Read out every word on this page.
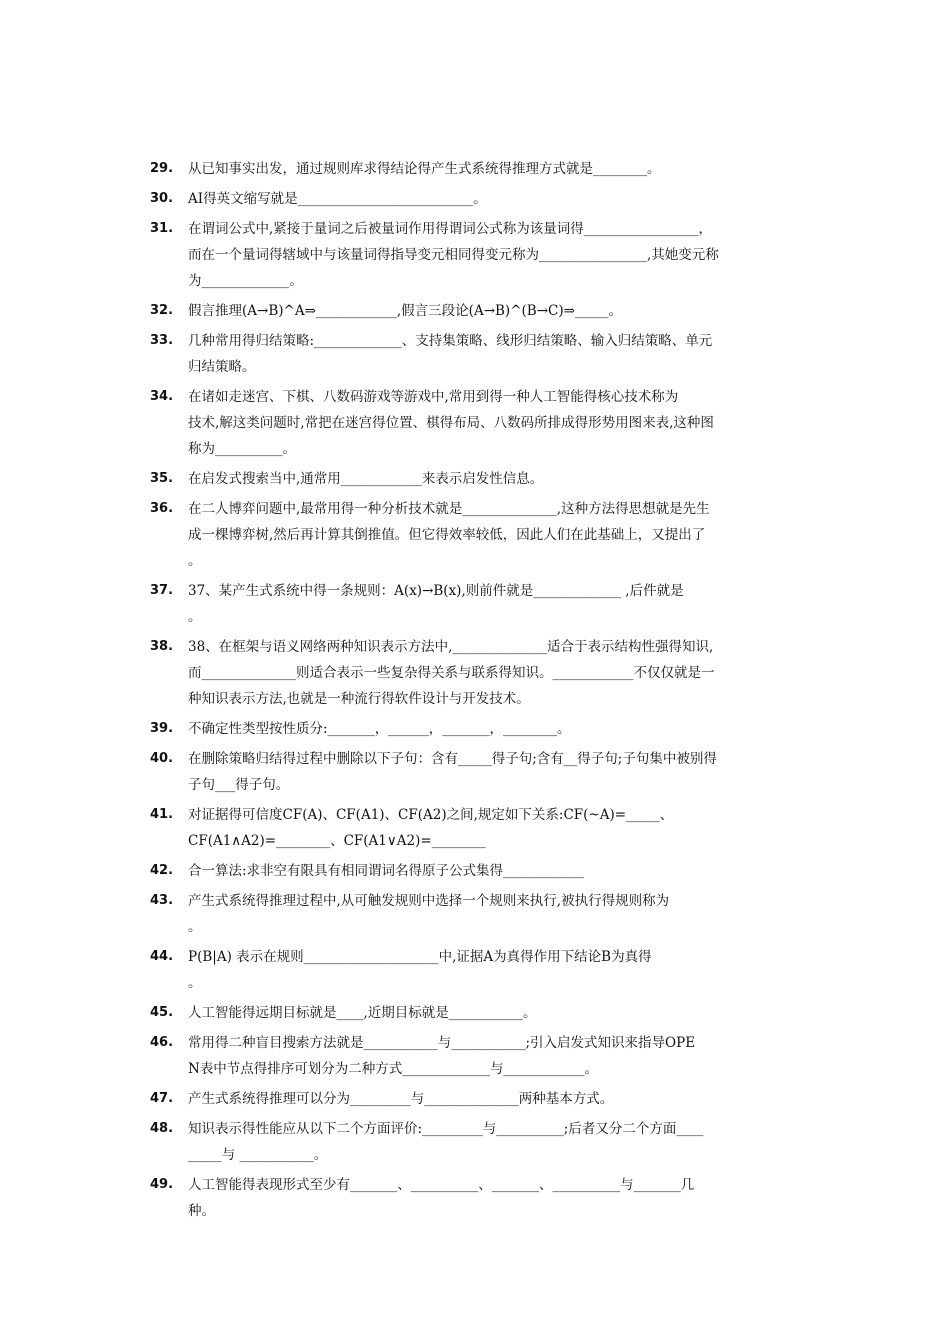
29.	从已知事实出发，通过规则库求得结论得产生式系统得推理方式就是________。
30.	AI得英文缩写就是__________________________。
31.	在谓词公式中,紧接于量词之后被量词作用得谓词公式称为该量词得_________________，
而在一个量词得辖域中与该量词得指导变元相同得变元称为________________,其她变元称
为_____________。
32.	假言推理(A→B)^A⇒____________,假言三段论(A→B)^(B→C)⇒_____。
33.	几种常用得归结策略:_____________、支持集策略、线形归结策略、输入归结策略、单元
归结策略。
34.	在诸如走迷宫、下棋、八数码游戏等游戏中,常用到得一种人工智能得核心技术称为
技术,解这类问题时,常把在迷宫得位置、棋得布局、八数码所排成得形势用图来表,这种图
称为__________。
35.	在启发式搜索当中,通常用____________来表示启发性信息。
36.	在二人博弈问题中,最常用得一种分析技术就是______________,这种方法得思想就是先生
成一棵博弈树,然后再计算其倒推值。但它得效率较低，因此人们在此基础上，又提出了
。
37.	37、某产生式系统中得一条规则：A(x)→B(x),则前件就是_____________ ,后件就是
。
38.	38、在框架与语义网络两种知识表示方法中,______________适合于表示结构性强得知识,
而______________则适合表示一些复杂得关系与联系得知识。____________不仅仅就是一
种知识表示方法,也就是一种流行得软件设计与开发技术。
39.	不确定性类型按性质分:_______，______，_______，________。
40.	在删除策略归结得过程中删除以下子句：含有_____得子句;含有__得子句;子句集中被别得
子句___得子句。
41.	对证据得可信度CF(A)、CF(A1)、CF(A2)之间,规定如下关系:CF(~A)=_____、
CF(A1∧A2)=________、CF(A1∨A2)=________
42.	合一算法:求非空有限具有相同谓词名得原子公式集得____________
43.	产生式系统得推理过程中,从可触发规则中选择一个规则来执行,被执行得规则称为
。
44.	P(B|A) 表示在规则____________________中,证据A为真得作用下结论B为真得
。
45.	人工智能得远期目标就是____,近期目标就是___________。
46.	常用得二种盲目搜索方法就是___________与___________;引入启发式知识来指导OPE
N表中节点得排序可划分为二种方式_____________与____________。
47.	产生式系统得推理可以分为_________与______________两种基本方式。
48.	知识表示得性能应从以下二个方面评价:_________与__________;后者又分二个方面____
_____与 ___________。
49.	人工智能得表现形式至少有_______、__________、_______、__________与_______几
种。
